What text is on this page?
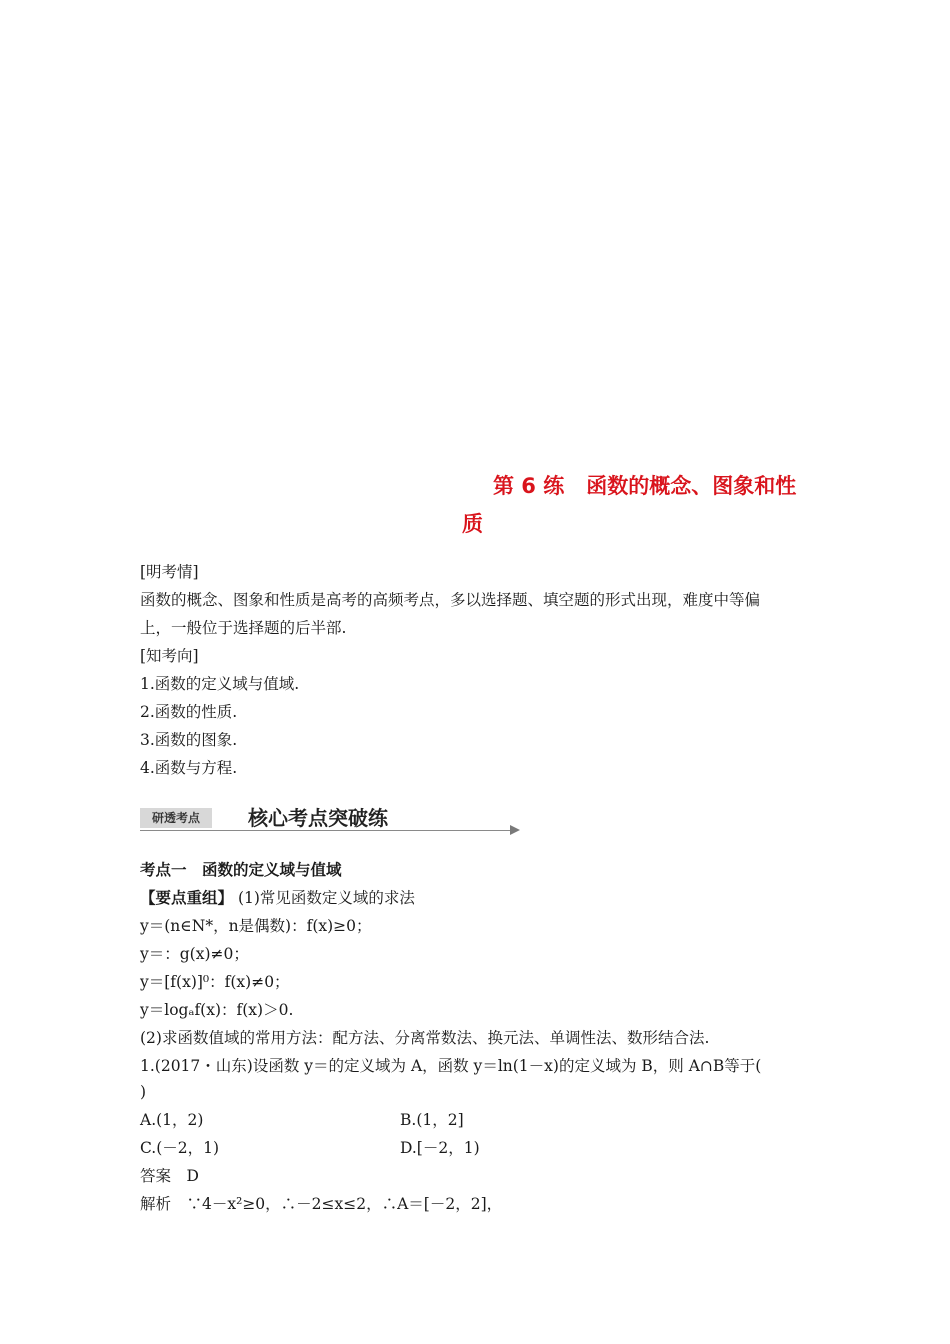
第 6 练 函数的概念、图象和性
质
[明考情]
函数的概念、图象和性质是高考的高频考点，多以选择题、填空题的形式出现，难度中等偏
上，一般位于选择题的后半部.
[知考向]
1.函数的定义域与值域.
2.函数的性质.
3.函数的图象.
4.函数与方程.
研透考点	核心考点突破练
考点一　函数的定义域与值域
【要点重组】 (1)常见函数定义域的求法
y＝(n∈N*，n是偶数)：f(x)≥0；
y＝：g(x)≠0；
y＝[f(x)]⁰：f(x)≠0；
y＝logₐf(x)：f(x)＞0.
(2)求函数值域的常用方法：配方法、分离常数法、换元法、单调性法、数形结合法.
1.(2017・山东)设函数 y＝的定义域为 A，函数 y＝ln(1－x)的定义域为 B，则 A∩B等于(
)
A.(1，2)	B.(1，2]
C.(－2，1)	D.[－2，1)
答案　D
解析　∵4－x²≥0，∴－2≤x≤2，∴A＝[－2，2]，
